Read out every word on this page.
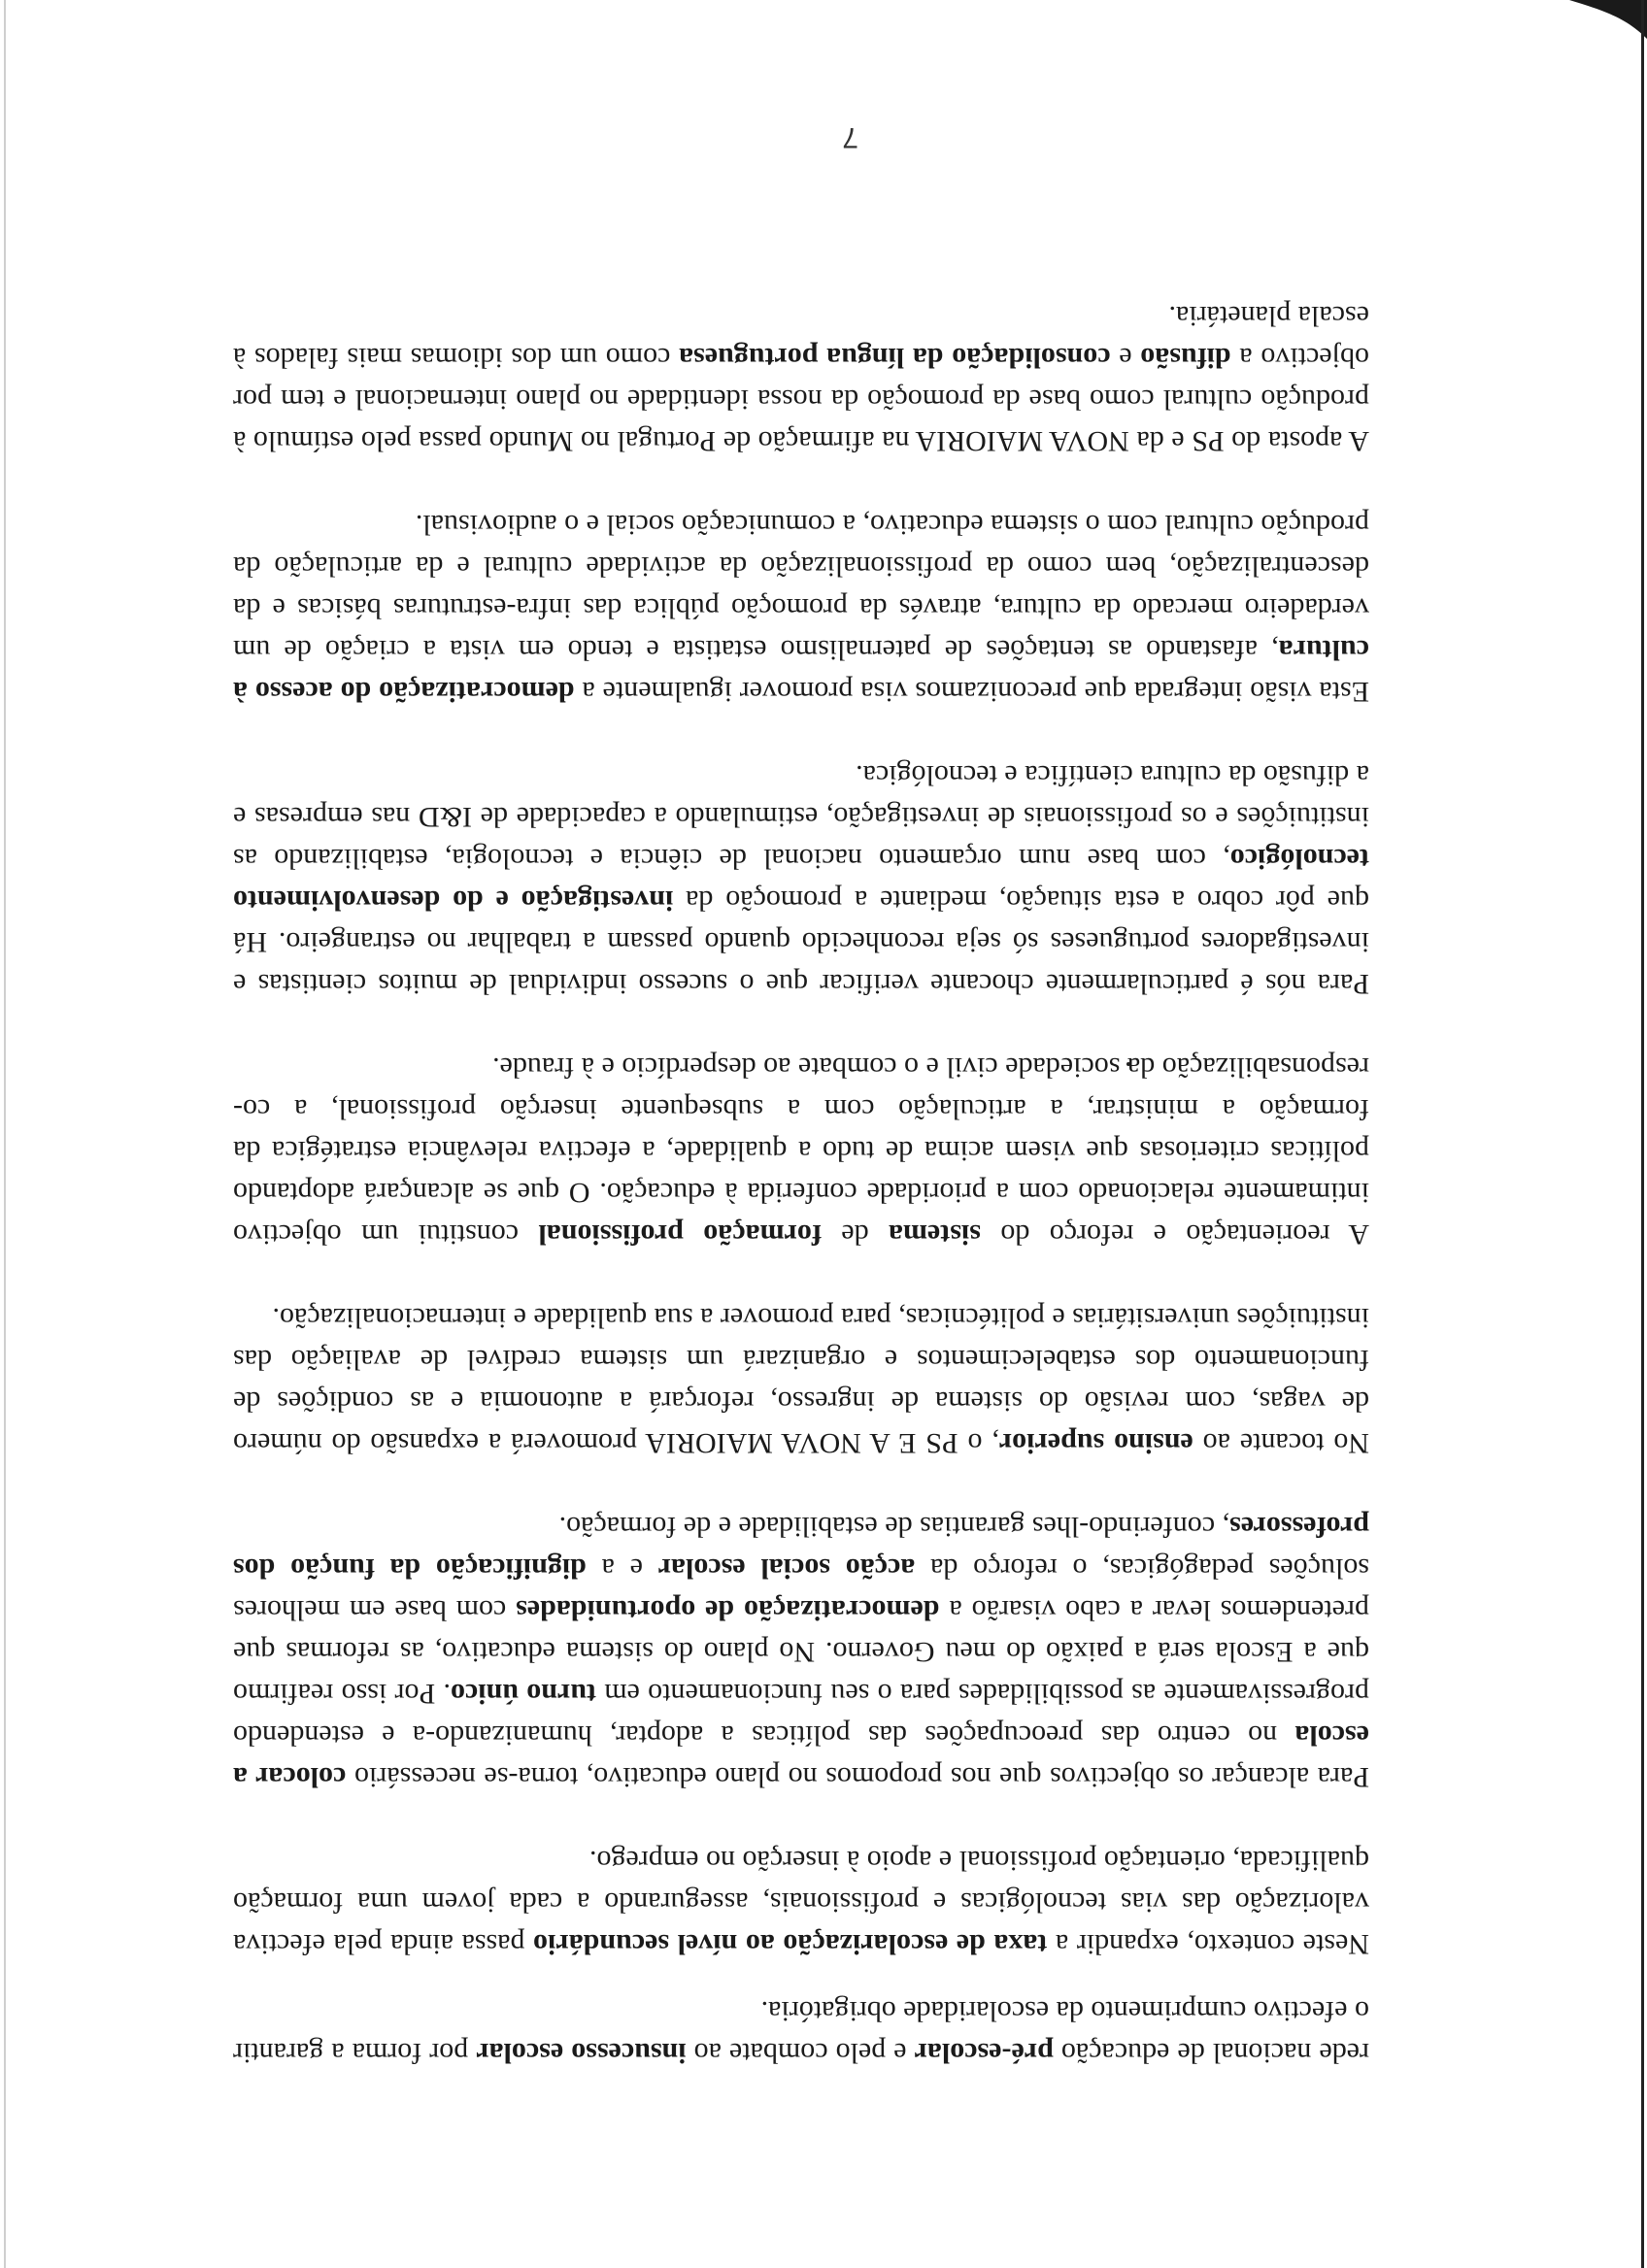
rede nacional de educação pré-escolar e pelo combate ao insucesso escolar por forma a garantir o efectivo cumprimento da escolaridade obrigatória.

Neste contexto, expandir a taxa de escolarização ao nível secundário passa ainda pela efectiva valorização das vias tecnológicas e profissionais, assegurando a cada jovem uma formação qualificada, orientação profissional e apoio à inserção no emprego.

Para alcançar os objectivos que nos propomos no plano educativo, torna-se necessário colocar a escola no centro das preocupações das políticas a adoptar, humanizando-a e estendendo progressivamente as possibilidades para o seu funcionamento em turno único. Por isso reafirmo que a Escola será a paixão do meu Governo. No plano do sistema educativo, as reformas que pretendemos levar a cabo visarão a democratização de oportunidades com base em melhores soluções pedagógicas, o reforço da acção social escolar e a dignificação da função dos professores, conferindo-lhes garantias de estabilidade e de formação.

No tocante ao ensino superior, o PS E A NOVA MAIORIA promoverá a expansão do número de vagas, com revisão do sistema de ingresso, reforçará a autonomia e as condições de funcionamento dos estabelecimentos e organizará um sistema credível de avaliação das instituições universitárias e politécnicas, para promover a sua qualidade e internacionalização.

A reorientação e reforço do sistema de formação profissional constitui um objectivo intimamente relacionado com a prioridade conferida à educação. O que se alcançará adoptando políticas criteriosas que visem acima de tudo a qualidade, a efectiva relevância estratégica da formação a ministrar, a articulação com a subsequente inserção profissional, a co-responsabilização da sociedade civil e o combate ao desperdício e à fraude.

Para nós é particularmente chocante verificar que o sucesso individual de muitos cientistas e investigadores portugueses só seja reconhecido quando passam a trabalhar no estrangeiro. Há que pôr cobro a esta situação, mediante a promoção da investigação e do desenvolvimento tecnológico, com base num orçamento nacional de ciência e tecnologia, estabilizando as instituições e os profissionais de investigação, estimulando a capacidade de I&D nas empresas e a difusão da cultura científica e tecnológica.

Esta visão integrada que preconizamos visa promover igualmente a democratização do acesso à cultura, afastando as tentações de paternalismo estatista e tendo em vista a criação de um verdadeiro mercado da cultura, através da promoção pública das infra-estruturas básicas e da descentralização, bem como da profissionalização da actividade cultural e da articulação da produção cultural com o sistema educativo, a comunicação social e o audiovisual.

A aposta do PS e da NOVA MAIORIA na afirmação de Portugal no Mundo passa pelo estímulo à produção cultural como base da promoção da nossa identidade no plano internacional e tem por objectivo a difusão e consolidação da língua portuguesa como um dos idiomas mais falados à escala planetária.

7
